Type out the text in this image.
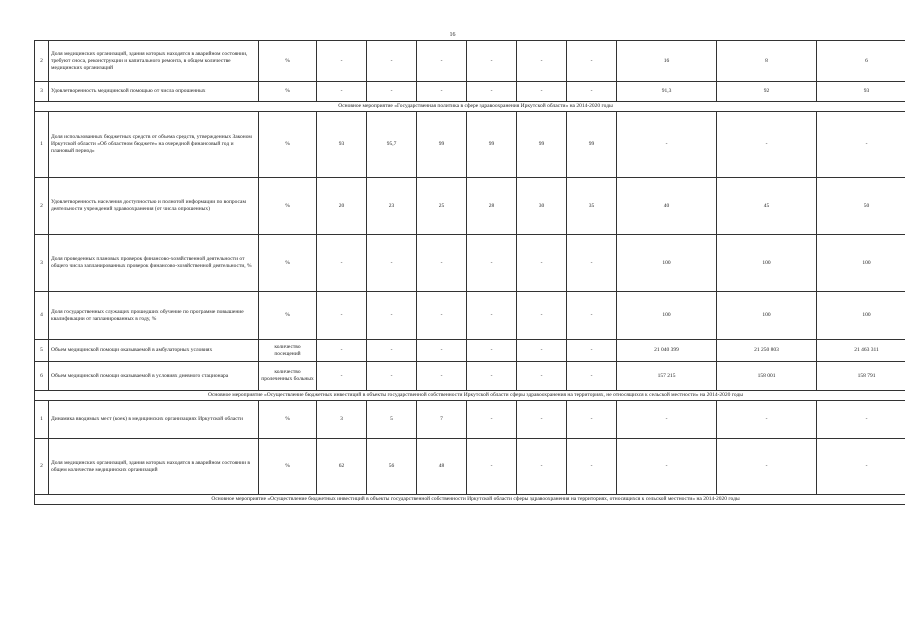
16
2	Доля медицинских организаций, здания которых находятся в аварийном состоянии, требуют сноса, реконструкции и капитального ремонта, в общем количестве медицинских организаций	%	-	-	-	-	-	-	16	8	6
3	Удовлетворенность медицинской помощью от числа опрошенных	%	-	-	-	-	-	-	91,3	92	93
Основное мероприятие «Государственная политика в сфере здравоохранения Иркутской области» на 2014-2020 годы											
1	Доля использованных бюджетных средств от объема средств, утвержденных Законом Иркутской области «Об областном бюджете» на очередной финансовый год и плановый период»	%	93	95,7	99	99	99	99	-	-	-
2	Удовлетворенность населения доступностью и полнотой информации по вопросам деятельности учреждений здравоохранения (от числа опрошенных)	%	20	23	25	28	30	35	40	45	50
3	Доля проведенных плановых проверок финансово-хозяйственной деятельности от общего числа запланированных проверок финансово-хозяйственной деятельности, %	%	-	-	-	-	-	-	100	100	100
4	Доля государственных служащих прошедших обучение по программе повышение квалификации от запланированных в году, %	%	-	-	-	-	-	-	100	100	100
5	Объем медицинской помощи оказываемой в амбулаторных условиях	количество посещений	-	-	-	-	-	-	21 040 399	21 250 803	21 463 311
6	Объем медицинской помощи оказываемой в условиях дневного стационара	количество пролеченных больных	-	-	-	-	-	-	157 215	158 001	158 791
Основное мероприятие «Осуществление бюджетных инвестиций в объекты государственной собственности Иркутской области сферы здравоохранения на территориях, не относящихся к сельской местности» на 2014-2020 годы											
1	Динамика вводимых мест (коек) в медицинских организациях Иркутской области	%	3	5	7	-	-	-	-	-	-
2	Доля медицинских организаций, здания которых находятся в аварийном состоянии в общем количестве медицинских организаций	%	62	56	48	-	-	-	-	-	-
Основное мероприятие «Осуществление бюджетных инвестиций в объекты государственной собственности Иркутской области сферы здравоохранения на территориях, относящихся к сельской местности» на 2014-2020 годы											
